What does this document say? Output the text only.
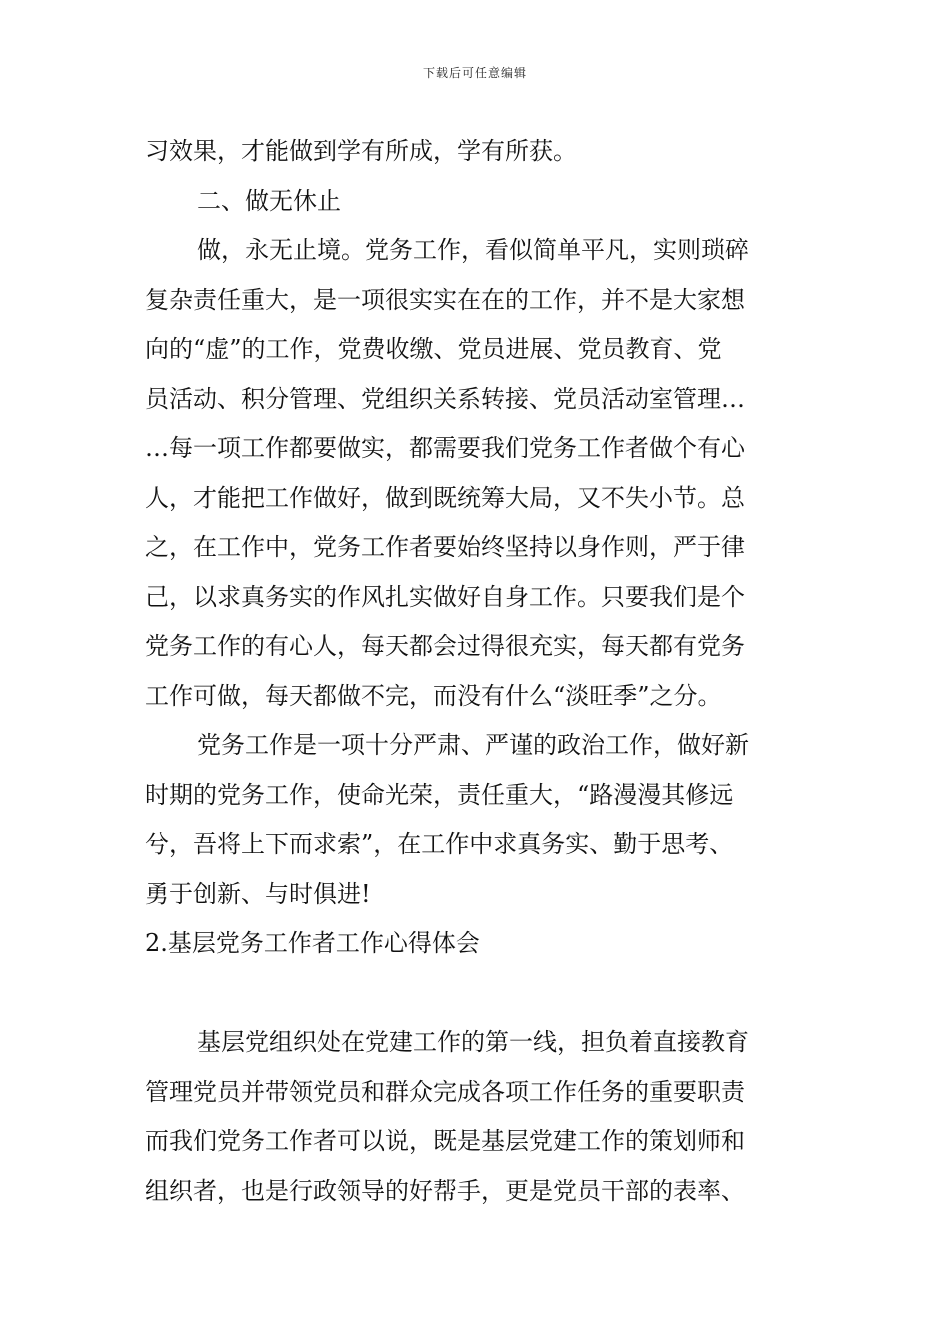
下载后可任意编辑
习效果，才能做到学有所成，学有所获。
二、做无休止
做，永无止境。党务工作，看似简单平凡，实则琐碎
复杂责任重大，是一项很实实在在的工作，并不是大家想
向的“虚”的工作，党费收缴、党员进展、党员教育、党
员活动、积分管理、党组织关系转接、党员活动室管理…
…每一项工作都要做实，都需要我们党务工作者做个有心
人，才能把工作做好，做到既统筹大局，又不失小节。总
之，在工作中，党务工作者要始终坚持以身作则，严于律
己，以求真务实的作风扎实做好自身工作。只要我们是个
党务工作的有心人，每天都会过得很充实，每天都有党务
工作可做，每天都做不完，而没有什么“淡旺季”之分。
党务工作是一项十分严肃、严谨的政治工作，做好新
时期的党务工作，使命光荣，责任重大，“路漫漫其修远
兮，吾将上下而求索”，在工作中求真务实、勤于思考、
勇于创新、与时俱进!
2.基层党务工作者工作心得体会
基层党组织处在党建工作的第一线，担负着直接教育
管理党员并带领党员和群众完成各项工作任务的重要职责
而我们党务工作者可以说，既是基层党建工作的策划师和
组织者，也是行政领导的好帮手，更是党员干部的表率、
